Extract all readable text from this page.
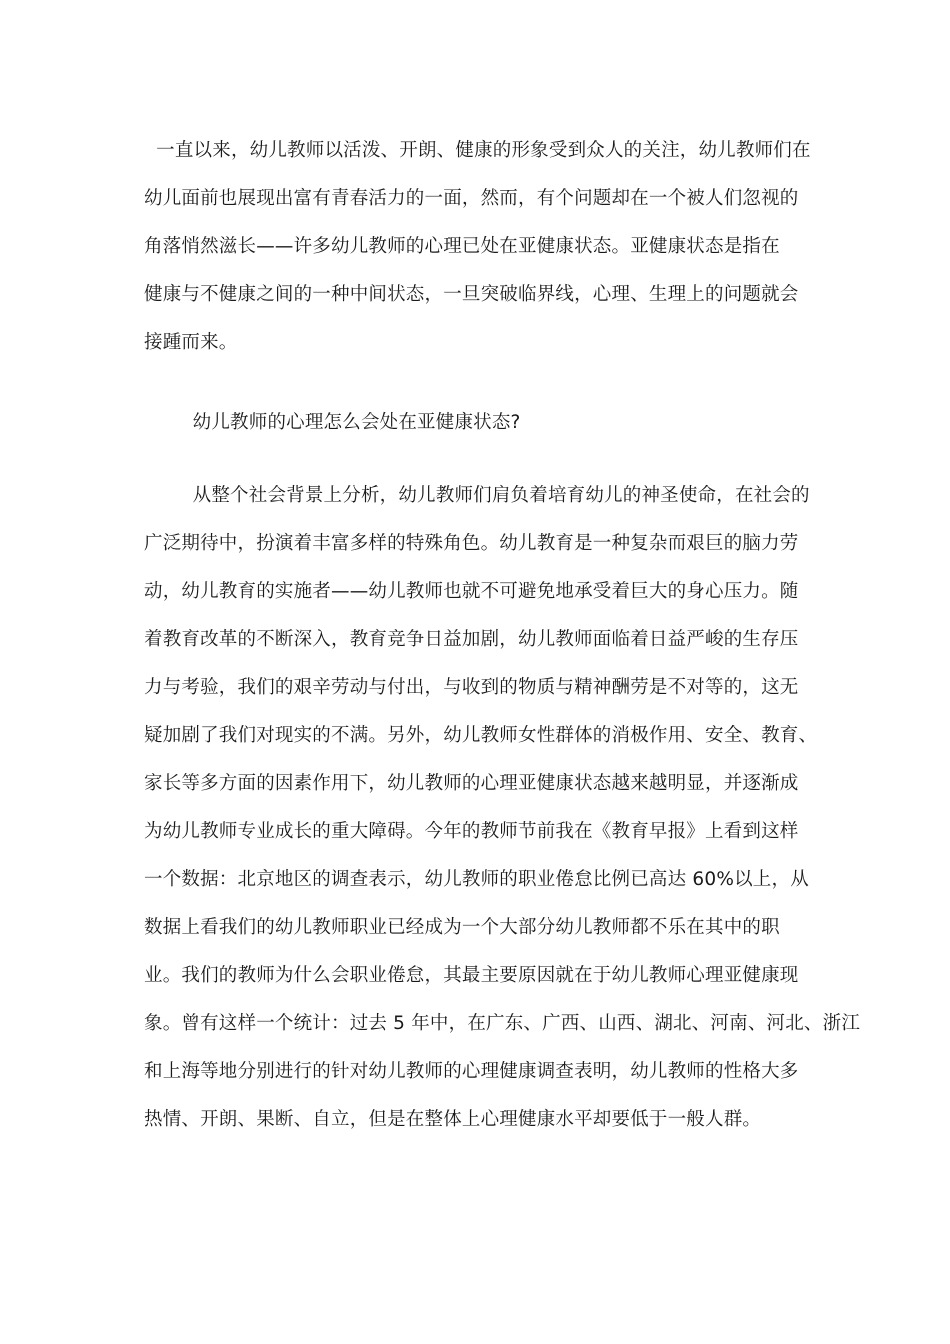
一直以来，幼儿教师以活泼、开朗、健康的形象受到众人的关注，幼儿教师们在
幼儿面前也展现出富有青春活力的一面，然而，有个问题却在一个被人们忽视的
角落悄然滋长——许多幼儿教师的心理已处在亚健康状态。亚健康状态是指在
健康与不健康之间的一种中间状态，一旦突破临界线，心理、生理上的问题就会
接踵而来。
幼儿教师的心理怎么会处在亚健康状态?
从整个社会背景上分析，幼儿教师们肩负着培育幼儿的神圣使命，在社会的
广泛期待中，扮演着丰富多样的特殊角色。幼儿教育是一种复杂而艰巨的脑力劳
动，幼儿教育的实施者——幼儿教师也就不可避免地承受着巨大的身心压力。随
着教育改革的不断深入，教育竞争日益加剧，幼儿教师面临着日益严峻的生存压
力与考验，我们的艰辛劳动与付出，与收到的物质与精神酬劳是不对等的，这无
疑加剧了我们对现实的不满。另外，幼儿教师女性群体的消极作用、安全、教育、
家长等多方面的因素作用下，幼儿教师的心理亚健康状态越来越明显，并逐渐成
为幼儿教师专业成长的重大障碍。今年的教师节前我在《教育早报》上看到这样
一个数据：北京地区的调查表示，幼儿教师的职业倦怠比例已高达 60%以上，从
数据上看我们的幼儿教师职业已经成为一个大部分幼儿教师都不乐在其中的职
业。我们的教师为什么会职业倦怠，其最主要原因就在于幼儿教师心理亚健康现
象。曾有这样一个统计：过去 5 年中，在广东、广西、山西、湖北、河南、河北、浙江
和上海等地分别进行的针对幼儿教师的心理健康调查表明，幼儿教师的性格大多
热情、开朗、果断、自立，但是在整体上心理健康水平却要低于一般人群。
